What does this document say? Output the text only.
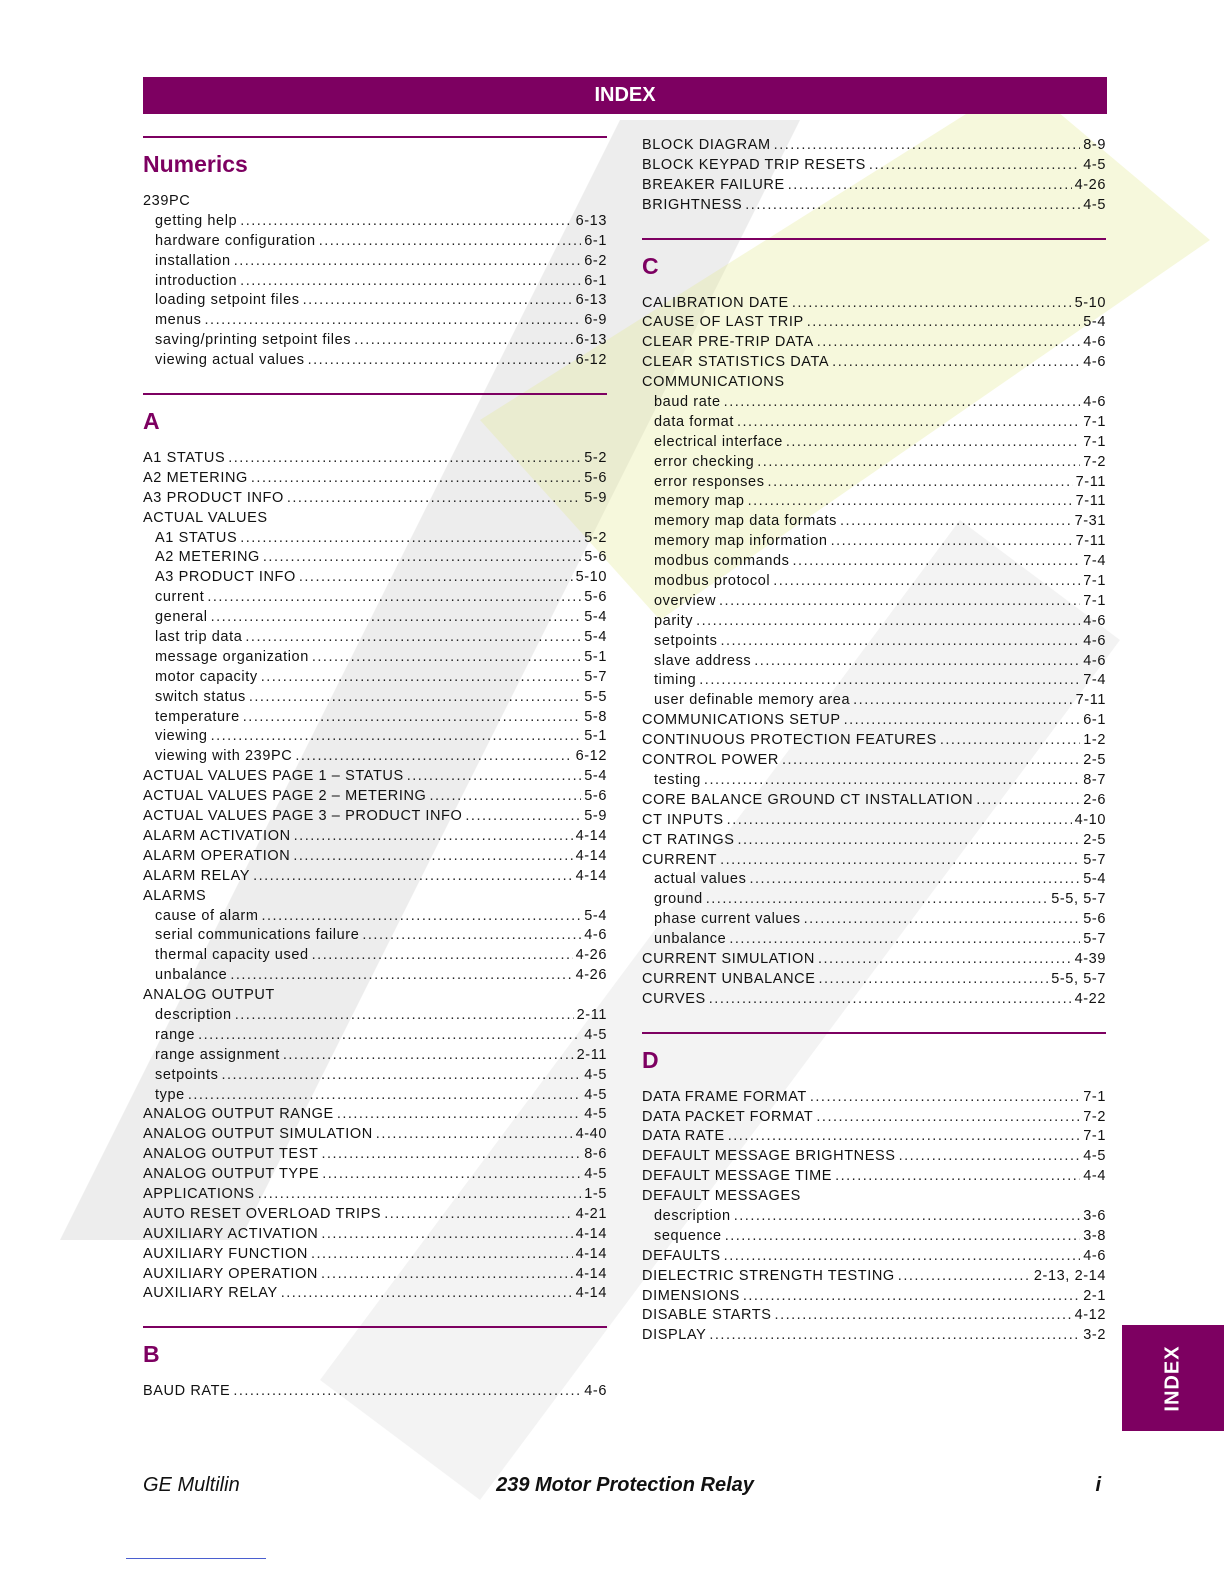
INDEX
Numerics
239PC
getting help .....	6-13
hardware configuration .....	6-1
installation .....	6-2
introduction .....	6-1
loading setpoint files .....	6-13
menus .....	6-9
saving/printing setpoint files .....	6-13
viewing actual values .....	6-12
A
A1 STATUS .....	5-2
A2 METERING .....	5-6
A3 PRODUCT INFO .....	5-9
ACTUAL VALUES
A1 STATUS .....	5-2
A2 METERING .....	5-6
A3 PRODUCT INFO .....	5-10
current .....	5-6
general .....	5-4
last trip data .....	5-4
message organization .....	5-1
motor capacity .....	5-7
switch status .....	5-5
temperature .....	5-8
viewing .....	5-1
viewing with 239PC .....	6-12
ACTUAL VALUES PAGE 1 – STATUS .....	5-4
ACTUAL VALUES PAGE 2 – METERING .....	5-6
ACTUAL VALUES PAGE 3 – PRODUCT INFO .....	5-9
ALARM ACTIVATION .....	4-14
ALARM OPERATION .....	4-14
ALARM RELAY .....	4-14
ALARMS
cause of alarm .....	5-4
serial communications failure .....	4-6
thermal capacity used .....	4-26
unbalance .....	4-26
ANALOG OUTPUT
description .....	2-11
range .....	4-5
range assignment .....	2-11
setpoints .....	4-5
type .....	4-5
ANALOG OUTPUT RANGE .....	4-5
ANALOG OUTPUT SIMULATION .....	4-40
ANALOG OUTPUT TEST .....	8-6
ANALOG OUTPUT TYPE .....	4-5
APPLICATIONS .....	1-5
AUTO RESET OVERLOAD TRIPS .....	4-21
AUXILIARY ACTIVATION .....	4-14
AUXILIARY FUNCTION .....	4-14
AUXILIARY OPERATION .....	4-14
AUXILIARY RELAY .....	4-14
B
BAUD RATE .....	4-6
BLOCK DIAGRAM .....	8-9
BLOCK KEYPAD TRIP RESETS .....	4-5
BREAKER FAILURE .....	4-26
BRIGHTNESS .....	4-5
C
CALIBRATION DATE .....	5-10
CAUSE OF LAST TRIP .....	5-4
CLEAR PRE-TRIP DATA .....	4-6
CLEAR STATISTICS DATA .....	4-6
COMMUNICATIONS
baud rate .....	4-6
data format .....	7-1
electrical interface .....	7-1
error checking .....	7-2
error responses .....	7-11
memory map .....	7-11
memory map data formats .....	7-31
memory map information .....	7-11
modbus commands .....	7-4
modbus protocol .....	7-1
overview .....	7-1
parity .....	4-6
setpoints .....	4-6
slave address .....	4-6
timing .....	7-4
user definable memory area .....	7-11
COMMUNICATIONS SETUP .....	6-1
CONTINUOUS PROTECTION FEATURES .....	1-2
CONTROL POWER .....	2-5
testing .....	8-7
CORE BALANCE GROUND CT INSTALLATION .....	2-6
CT INPUTS .....	4-10
CT RATINGS .....	2-5
CURRENT .....	5-7
actual values .....	5-4
ground .....	5-5, 5-7
phase current values .....	5-6
unbalance .....	5-7
CURRENT SIMULATION .....	4-39
CURRENT UNBALANCE .....	5-5, 5-7
CURVES .....	4-22
D
DATA FRAME FORMAT .....	7-1
DATA PACKET FORMAT .....	7-2
DATA RATE .....	7-1
DEFAULT MESSAGE BRIGHTNESS .....	4-5
DEFAULT MESSAGE TIME .....	4-4
DEFAULT MESSAGES
description .....	3-6
sequence .....	3-8
DEFAULTS .....	4-6
DIELECTRIC STRENGTH TESTING .....	2-13, 2-14
DIMENSIONS .....	2-1
DISABLE STARTS .....	4-12
DISPLAY .....	3-2
INDEX
GE Multilin	239 Motor Protection Relay	i
